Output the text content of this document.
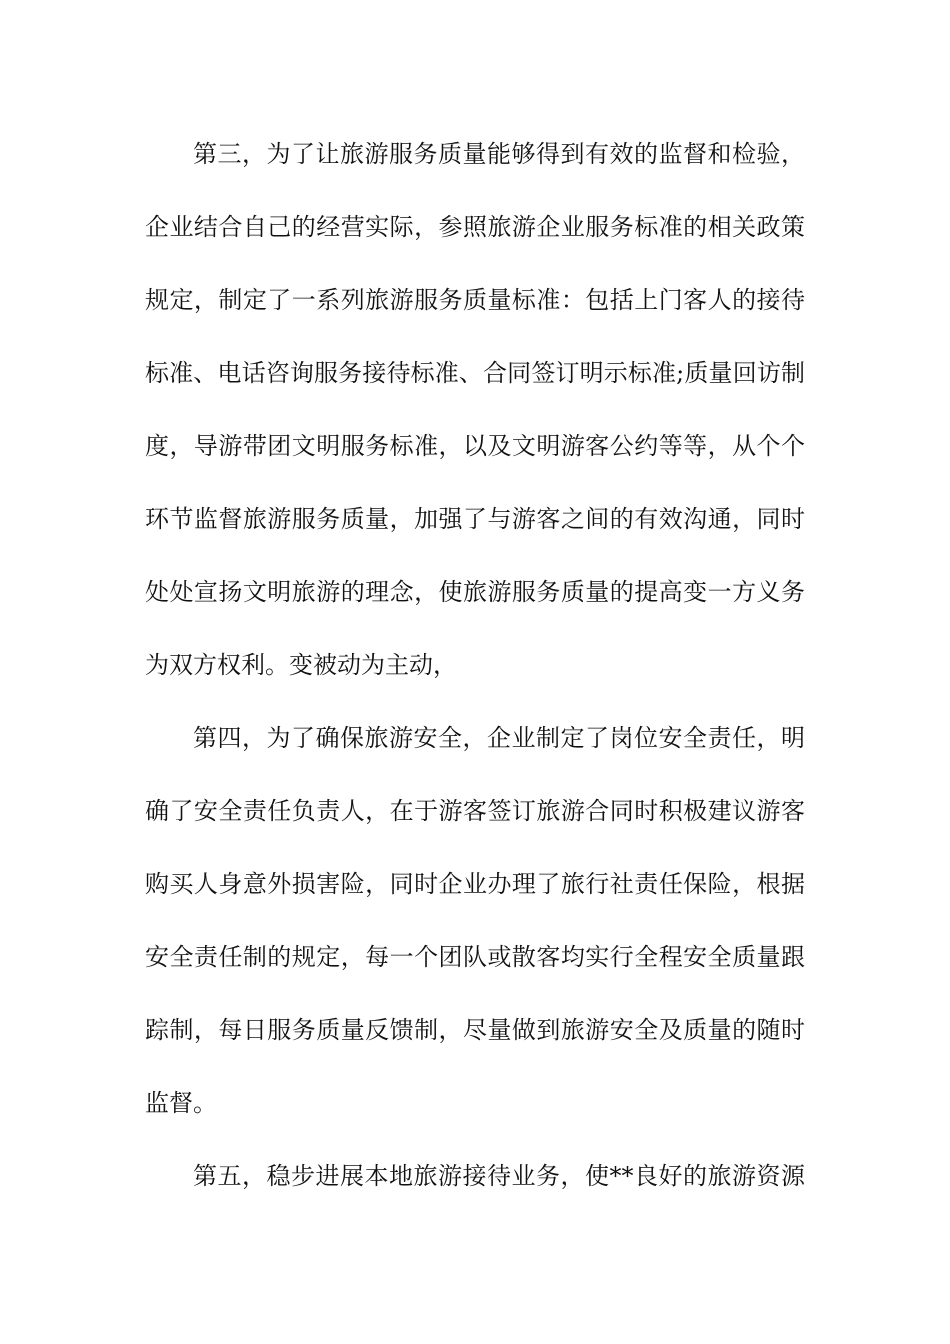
第三，为了让旅游服务质量能够得到有效的监督和检验，
企业结合自己的经营实际，参照旅游企业服务标准的相关政策
规定，制定了一系列旅游服务质量标准：包括上门客人的接待
标准、电话咨询服务接待标准、合同签订明示标准;质量回访制
度，导游带团文明服务标准，以及文明游客公约等等，从个个
环节监督旅游服务质量，加强了与游客之间的有效沟通，同时
处处宣扬文明旅游的理念，使旅游服务质量的提高变一方义务
为双方权利。变被动为主动，
第四，为了确保旅游安全，企业制定了岗位安全责任，明
确了安全责任负责人，在于游客签订旅游合同时积极建议游客
购买人身意外损害险，同时企业办理了旅行社责任保险，根据
安全责任制的规定，每一个团队或散客均实行全程安全质量跟
踪制，每日服务质量反馈制，尽量做到旅游安全及质量的随时
监督。
第五，稳步进展本地旅游接待业务，使**良好的旅游资源
